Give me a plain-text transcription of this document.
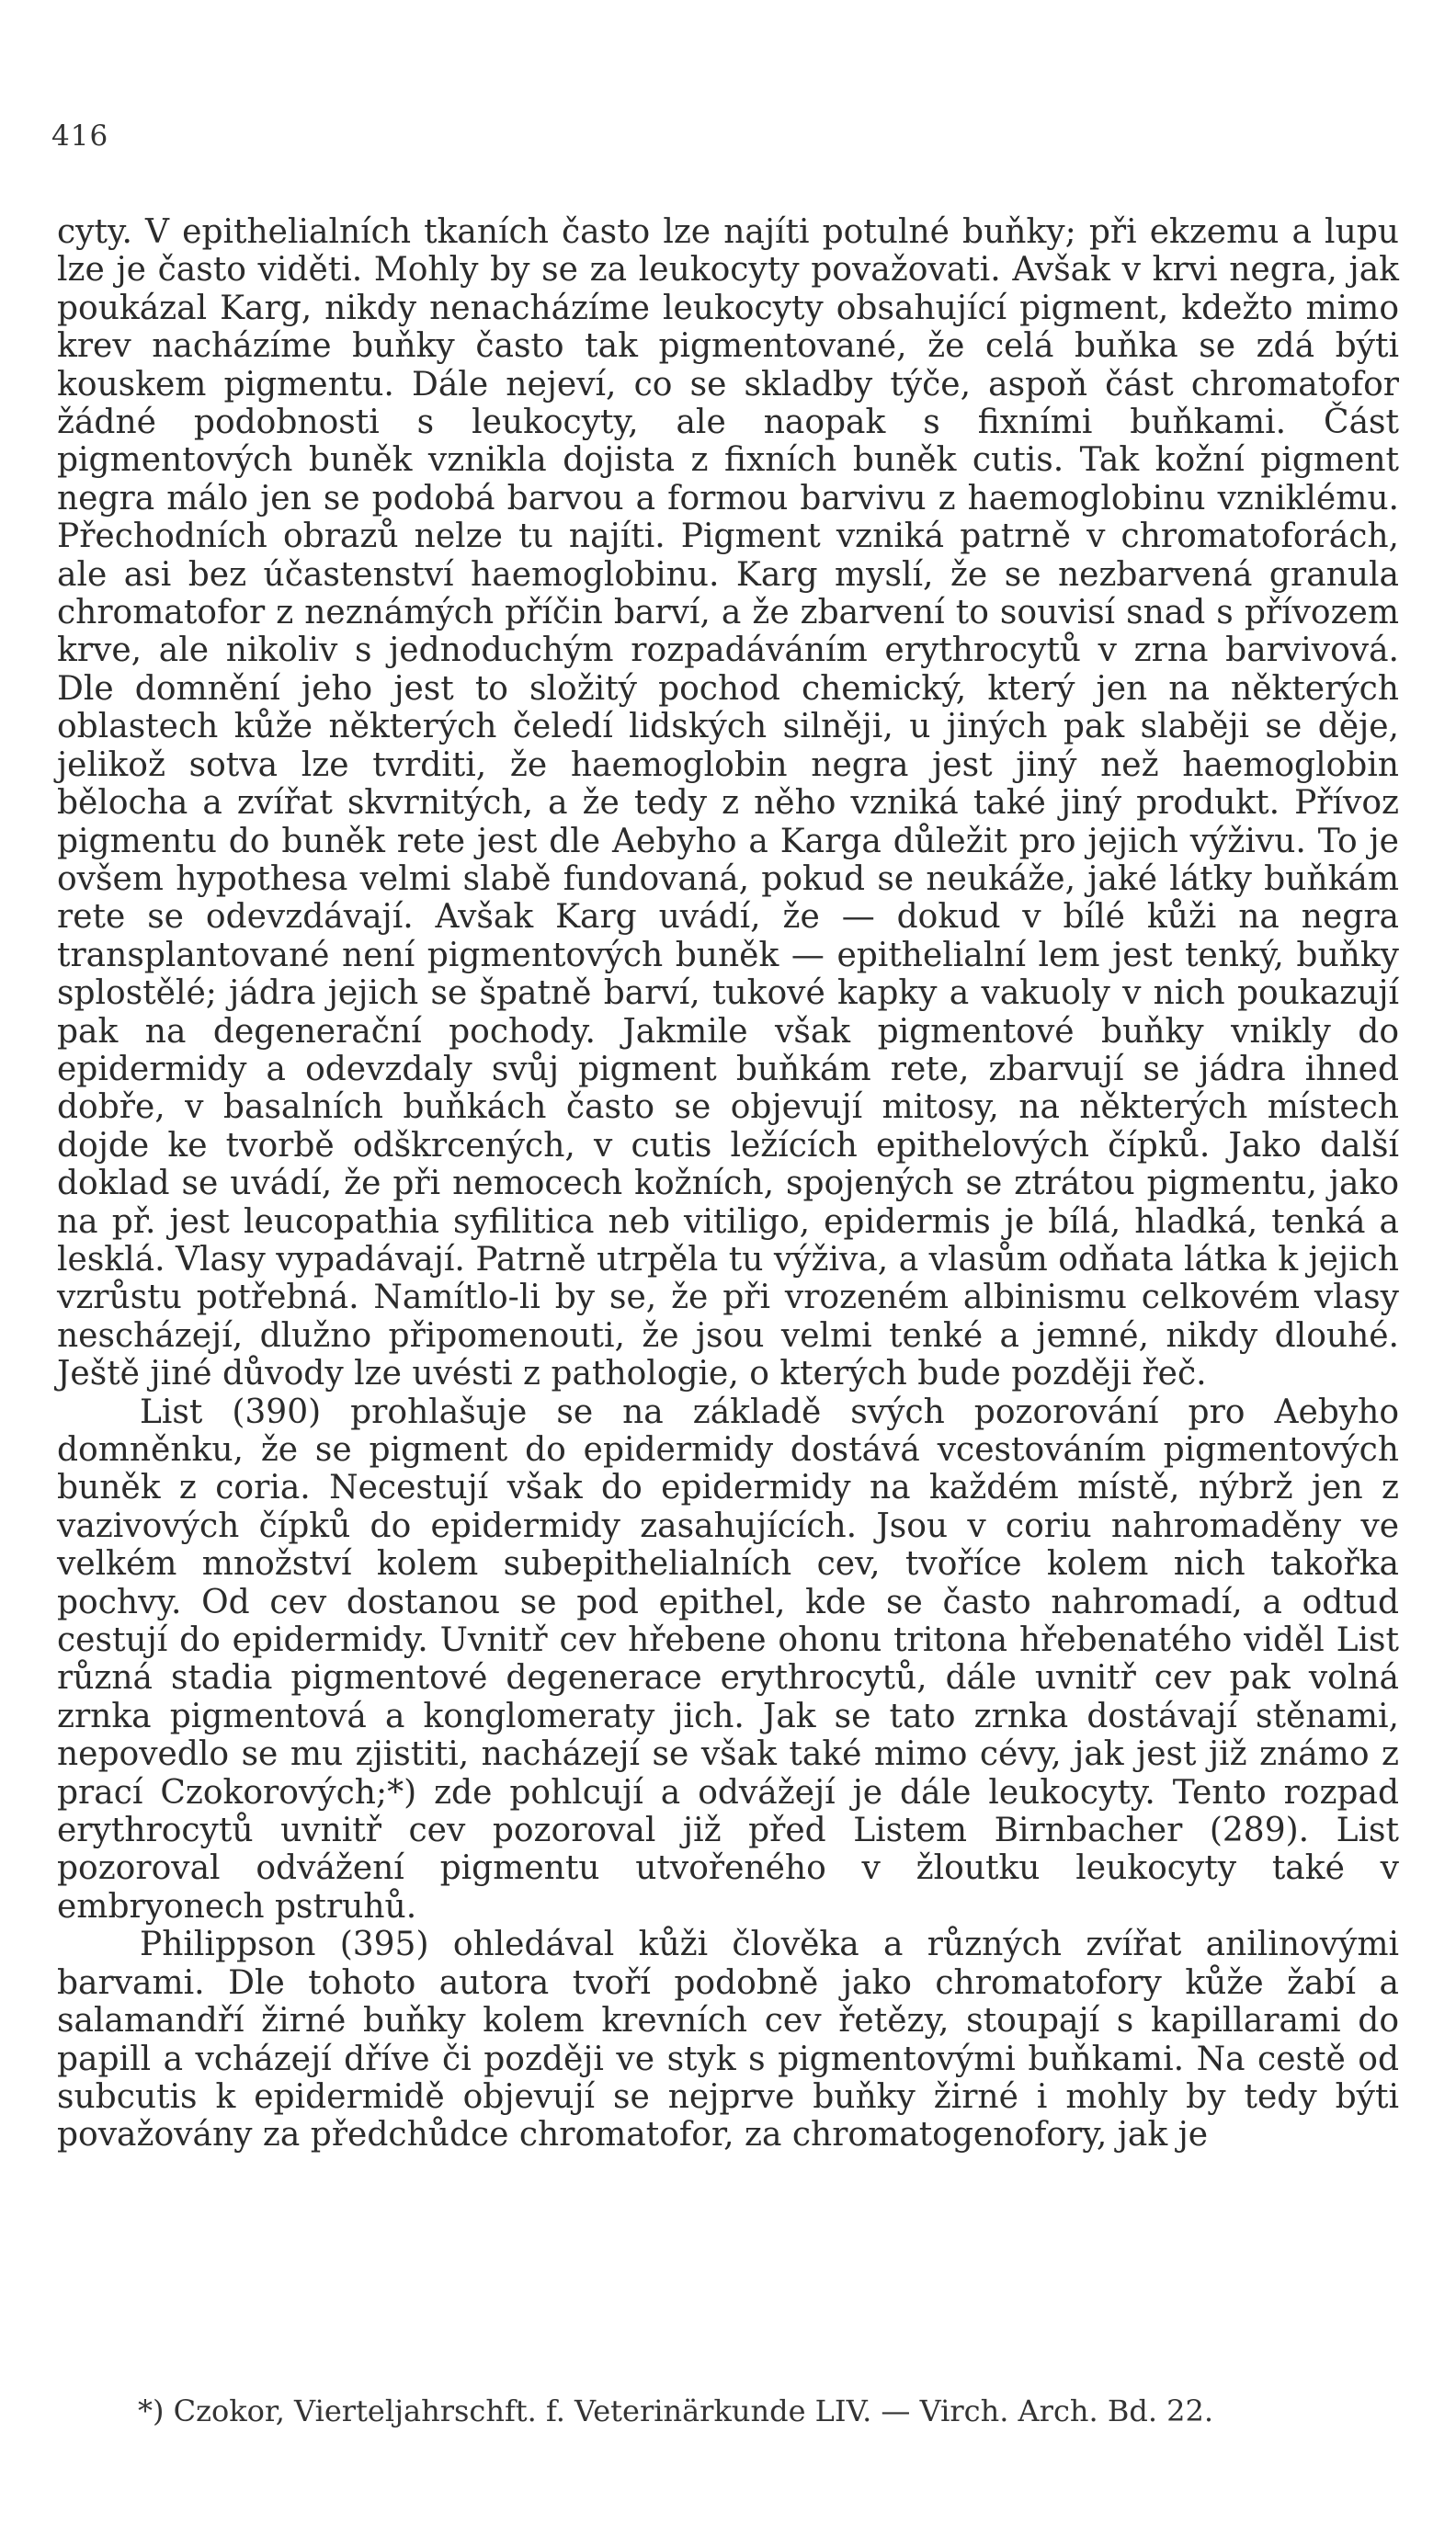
416
cyty. V epithelialních tkaních často lze najíti potulné buňky; při ekzemu a lupu lze je často viděti. Mohly by se za leukocyty považovati. Avšak v krvi negra, jak poukázal Karg, nikdy nenacházíme leukocyty obsahující pigment, kdežto mimo krev nacházíme buňky často tak pigmentované, že celá buňka se zdá býti kouskem pigmentu. Dále nejeví, co se skladby týče, aspoň část chromatofor žádné podobnosti s leukocyty, ale naopak s fixními buňkami. Část pigmentových buněk vznikla dojista z fixních buněk cutis. Tak kožní pigment negra málo jen se podobá barvou a formou barvivu z haemoglobinu vzniklému. Přechodních obrazů nelze tu najíti. Pigment vzniká patrně v chromatoforách, ale asi bez účastenství haemoglobinu. Karg myslí, že se nezbarvená granula chromatofor z neznámých příčin barví, a že zbarvení to souvisí snad s přívozem krve, ale nikoliv s jednoduchým rozpadáváním erythrocytů v zrna barvivová. Dle domnění jeho jest to složitý pochod chemický, který jen na některých oblastech kůže některých čeledí lidských silněji, u jiných pak slaběji se děje, jelikož sotva lze tvrditi, že haemoglobin negra jest jiný než haemoglobin bělocha a zvířat skvrnitých, a že tedy z něho vzniká také jiný produkt. Přívoz pigmentu do buněk rete jest dle Aebyho a Karga důležit pro jejich výživu. To je ovšem hypothesa velmi slabě fundovaná, pokud se neukáže, jaké látky buňkám rete se odevzdávají. Avšak Karg uvádí, že — dokud v bílé kůži na negra transplantované není pigmentových buněk — epithelialní lem jest tenký, buňky splostělé; jádra jejich se špatně barví, tukové kapky a vakuoly v nich poukazují pak na degenerační pochody. Jakmile však pigmentové buňky vnikly do epidermidy a odevzdaly svůj pigment buňkám rete, zbarvují se jádra ihned dobře, v basalních buňkách často se objevují mitosy, na některých místech dojde ke tvorbě odškrcených, v cutis ležících epithelových čípků. Jako další doklad se uvádí, že při nemocech kožních, spojených se ztrátou pigmentu, jako na př. jest leucopathia syfilitica neb vitiligo, epidermis je bílá, hladká, tenká a lesklá. Vlasy vypadávají. Patrně utrpěla tu výživa, a vlasům odňata látka k jejich vzrůstu potřebná. Namítlo-li by se, že při vrozeném albinismu celkovém vlasy nescházejí, dlužno připomenouti, že jsou velmi tenké a jemné, nikdy dlouhé. Ještě jiné důvody lze uvésti z pathologie, o kterých bude později řeč.
List (390) prohlašuje se na základě svých pozorování pro Aebyho domněnku, že se pigment do epidermidy dostává vcestováním pigmentových buněk z coria. Necestují však do epidermidy na každém místě, nýbrž jen z vazivových čípků do epidermidy zasahujících. Jsou v coriu nahromaděny ve velkém množství kolem subepithelialních cev, tvoříce kolem nich takořka pochvy. Od cev dostanou se pod epithel, kde se často nahromadí, a odtud cestují do epidermidy. Uvnitř cev hřebene ohonu tritona hřebenatého viděl List různá stadia pigmentové degenerace erythrocytů, dále uvnitř cev pak volná zrnka pigmentová a konglomeraty jich. Jak se tato zrnka dostávají stěnami, nepovedlo se mu zjistiti, nacházejí se však také mimo cévy, jak jest již známo z prací Czokorových;*) zde pohlcují a odvážejí je dále leukocyty. Tento rozpad erythrocytů uvnitř cev pozoroval již před Listem Birnbacher (289). List pozoroval odvážení pigmentu utvořeného v žloutku leukocyty také v embryonech pstruhů.
Philippson (395) ohledával kůži člověka a různých zvířat anilinovými barvami. Dle tohoto autora tvoří podobně jako chromatofory kůže žabí a salamandří žirné buňky kolem krevních cev řetězy, stoupají s kapillarami do papill a vcházejí dříve či později ve styk s pigmentovými buňkami. Na cestě od subcutis k epidermidě objevují se nejprve buňky žirné i mohly by tedy býti považovány za předchůdce chromatofor, za chromatogenofory, jak je
*) Czokor, Vierteljahrschft. f. Veterinärkunde LIV. — Virch. Arch. Bd. 22.
